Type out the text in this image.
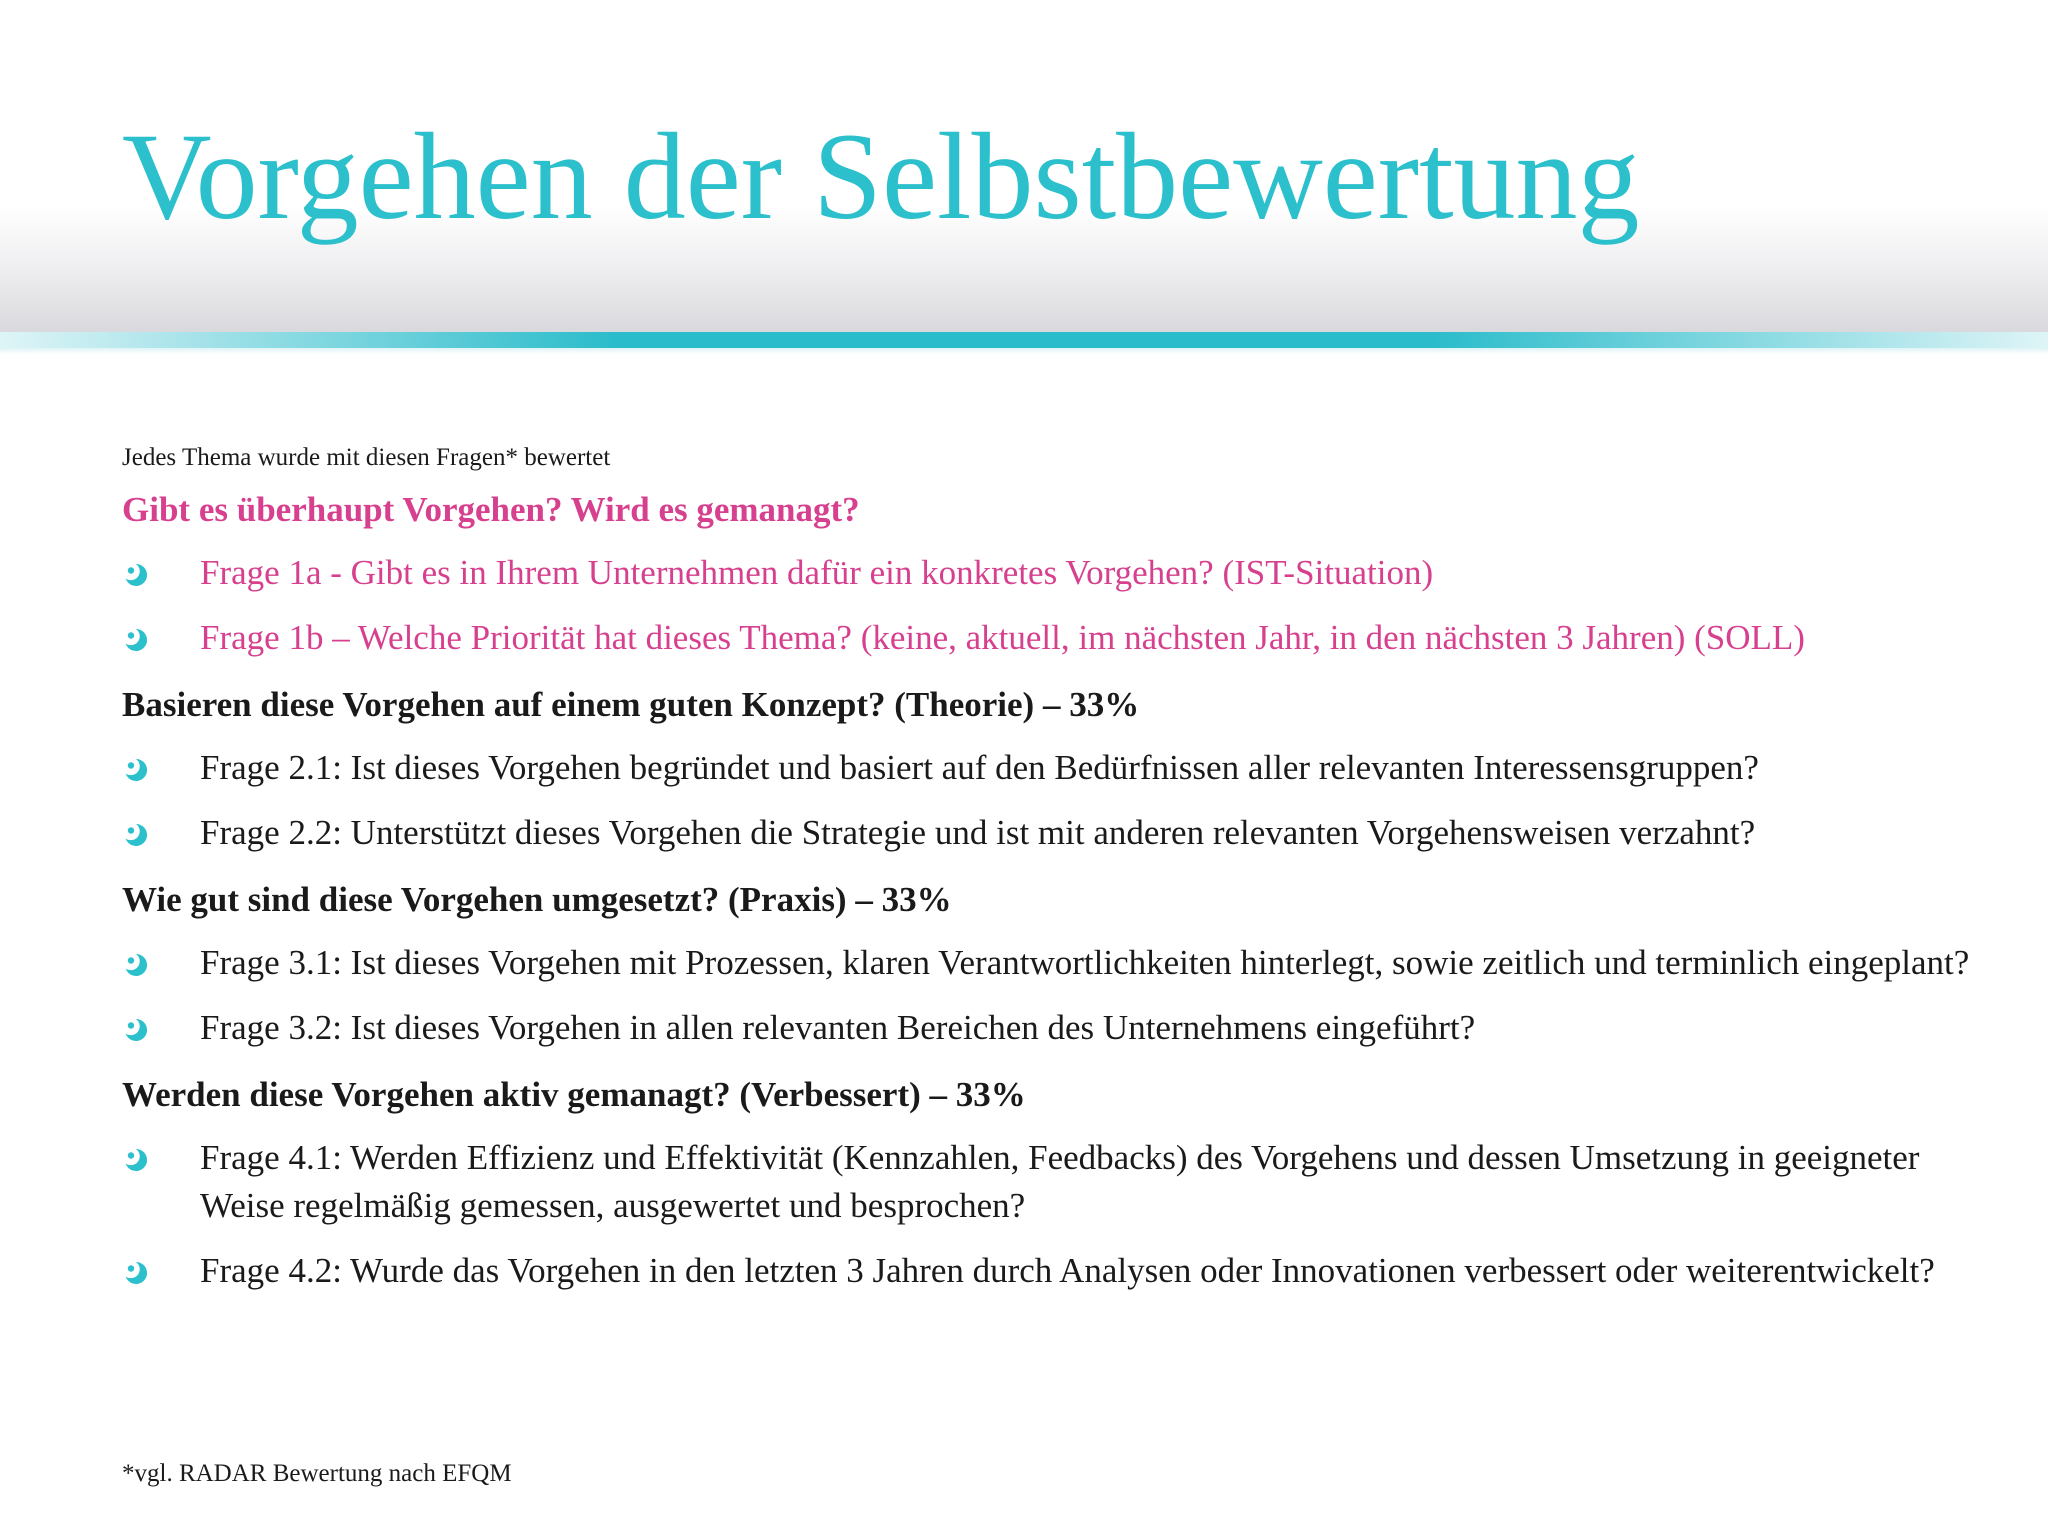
Vorgehen der Selbstbewertung

Jedes Thema wurde mit diesen Fragen* bewertet

Gibt es überhaupt Vorgehen? Wird es gemanagt?
Frage 1a - Gibt es in Ihrem Unternehmen dafür ein konkretes Vorgehen? (IST-Situation)
Frage 1b – Welche Priorität hat dieses Thema? (keine, aktuell, im nächsten Jahr, in den nächsten 3 Jahren) (SOLL)
Basieren diese Vorgehen auf einem guten Konzept? (Theorie) – 33%
Frage 2.1: Ist dieses Vorgehen begründet und basiert auf den Bedürfnissen aller relevanten Interessensgruppen?
Frage 2.2: Unterstützt dieses Vorgehen die Strategie und ist mit anderen relevanten Vorgehensweisen verzahnt?
Wie gut sind diese Vorgehen umgesetzt? (Praxis) – 33%
Frage 3.1: Ist dieses Vorgehen mit Prozessen, klaren Verantwortlichkeiten hinterlegt, sowie zeitlich und terminlich eingeplant?
Frage 3.2: Ist dieses Vorgehen in allen relevanten Bereichen des Unternehmens eingeführt?
Werden diese Vorgehen aktiv gemanagt? (Verbessert) – 33%
Frage 4.1: Werden Effizienz und Effektivität (Kennzahlen, Feedbacks) des Vorgehens und dessen Umsetzung in geeigneter Weise regelmäßig gemessen, ausgewertet und besprochen?
Frage 4.2: Wurde das Vorgehen in den letzten 3 Jahren durch Analysen oder Innovationen verbessert oder weiterentwickelt?

*vgl. RADAR Bewertung nach EFQM
